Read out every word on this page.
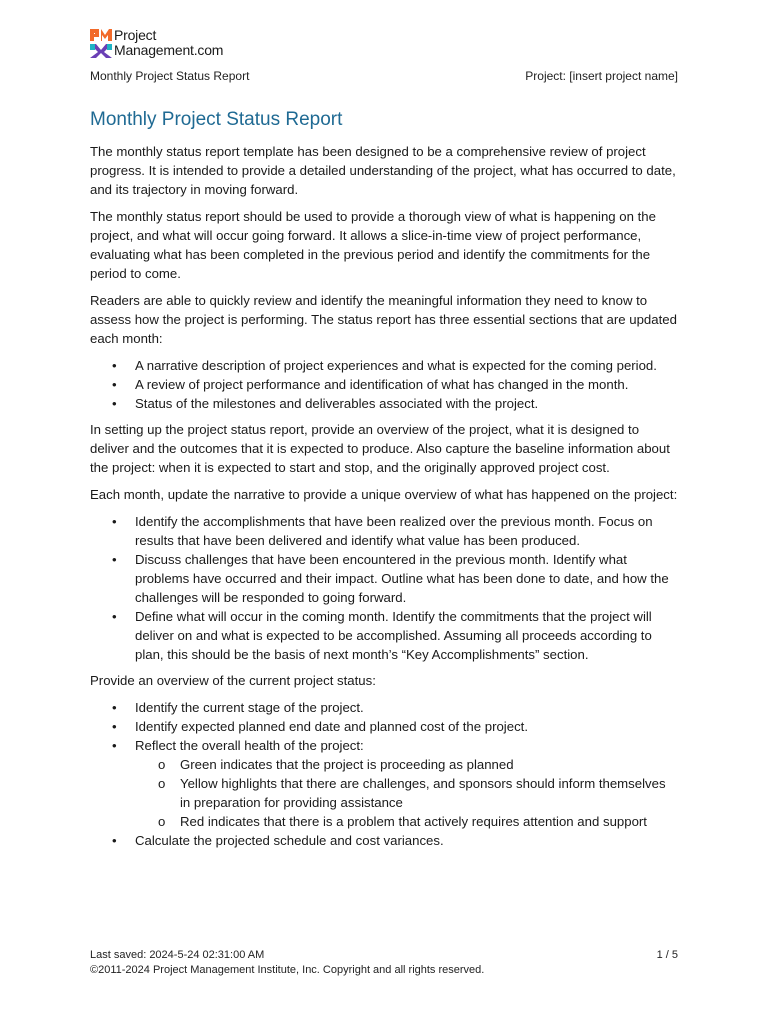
Project
Management.com
Monthly Project Status Report	Project: [insert project name]
Monthly Project Status Report

The monthly status report template has been designed to be a comprehensive review of project progress. It is intended to provide a detailed understanding of the project, what has occurred to date, and its trajectory in moving forward.

The monthly status report should be used to provide a thorough view of what is happening on the project, and what will occur going forward. It allows a slice-in-time view of project performance, evaluating what has been completed in the previous period and identify the commitments for the period to come.

Readers are able to quickly review and identify the meaningful information they need to know to assess how the project is performing. The status report has three essential sections that are updated each month:

• A narrative description of project experiences and what is expected for the coming period.
• A review of project performance and identification of what has changed in the month.
• Status of the milestones and deliverables associated with the project.

In setting up the project status report, provide an overview of the project, what it is designed to deliver and the outcomes that it is expected to produce. Also capture the baseline information about the project: when it is expected to start and stop, and the originally approved project cost.

Each month, update the narrative to provide a unique overview of what has happened on the project:

• Identify the accomplishments that have been realized over the previous month. Focus on results that have been delivered and identify what value has been produced.
• Discuss challenges that have been encountered in the previous month. Identify what problems have occurred and their impact. Outline what has been done to date, and how the challenges will be responded to going forward.
• Define what will occur in the coming month. Identify the commitments that the project will deliver on and what is expected to be accomplished. Assuming all proceeds according to plan, this should be the basis of next month’s “Key Accomplishments” section.

Provide an overview of the current project status:

• Identify the current stage of the project.
• Identify expected planned end date and planned cost of the project.
• Reflect the overall health of the project:
o Green indicates that the project is proceeding as planned
o Yellow highlights that there are challenges, and sponsors should inform themselves in preparation for providing assistance
o Red indicates that there is a problem that actively requires attention and support
• Calculate the projected schedule and cost variances.
Last saved: 2024-5-24 02:31:00 AM	1 / 5
©2011-2024 Project Management Institute, Inc. Copyright and all rights reserved.
